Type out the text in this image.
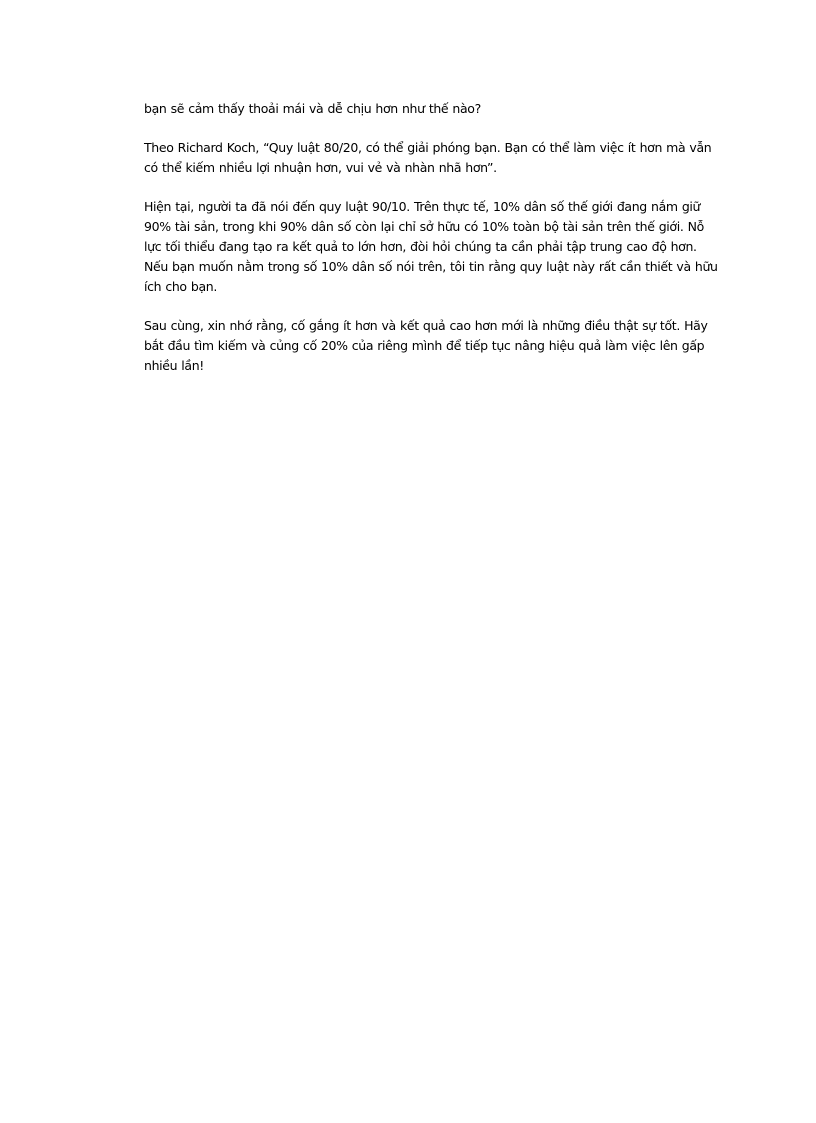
bạn sẽ cảm thấy thoải mái và dễ chịu hơn như thế nào?

Theo Richard Koch, “Quy luật 80/20, có thể giải phóng bạn. Bạn có thể làm việc ít hơn mà vẫn có thể kiếm nhiều lợi nhuận hơn, vui vẻ và nhàn nhã hơn”.

Hiện tại, người ta đã nói đến quy luật 90/10. Trên thực tế, 10% dân số thế giới đang nắm giữ 90% tài sản, trong khi 90% dân số còn lại chỉ sở hữu có 10% toàn bộ tài sản trên thế giới. Nỗ lực tối thiểu đang tạo ra kết quả to lớn hơn, đòi hỏi chúng ta cần phải tập trung cao độ hơn. Nếu bạn muốn nằm trong số 10% dân số nói trên, tôi tin rằng quy luật này rất cần thiết và hữu ích cho bạn.

Sau cùng, xin nhớ rằng, cố gắng ít hơn và kết quả cao hơn mới là những điều thật sự tốt. Hãy bắt đầu tìm kiếm và củng cố 20% của riêng mình để tiếp tục nâng hiệu quả làm việc lên gấp nhiều lần!
